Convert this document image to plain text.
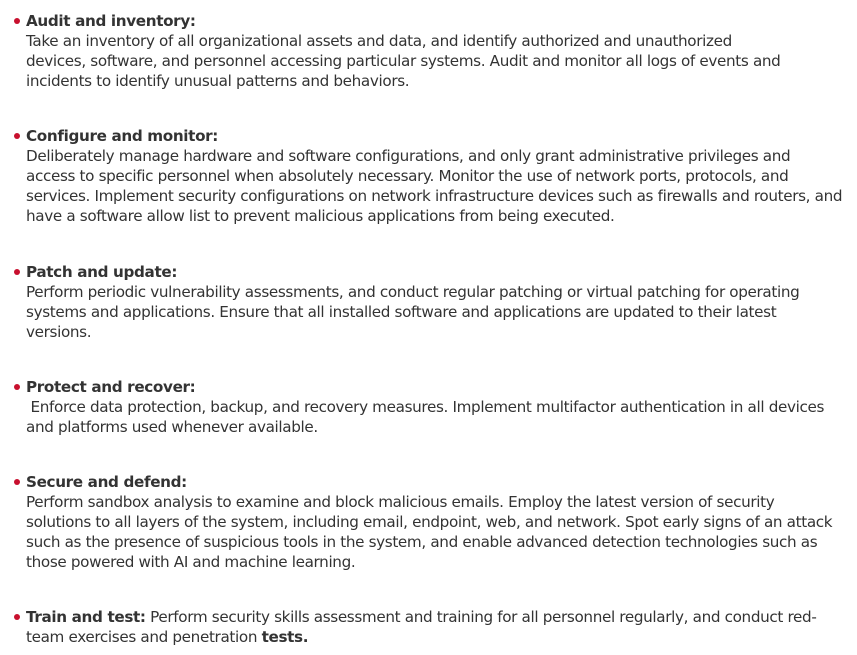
Audit and inventory:
Take an inventory of all organizational assets and data, and identify authorized and unauthorized
devices, software, and personnel accessing particular systems. Audit and monitor all logs of events and
incidents to identify unusual patterns and behaviors.
Configure and monitor:
Deliberately manage hardware and software configurations, and only grant administrative privileges and
access to specific personnel when absolutely necessary. Monitor the use of network ports, protocols, and
services. Implement security configurations on network infrastructure devices such as firewalls and routers, and
have a software allow list to prevent malicious applications from being executed.
Patch and update:
Perform periodic vulnerability assessments, and conduct regular patching or virtual patching for operating
systems and applications. Ensure that all installed software and applications are updated to their latest
versions.
Protect and recover:
Enforce data protection, backup, and recovery measures. Implement multifactor authentication in all devices
and platforms used whenever available.
Secure and defend:
Perform sandbox analysis to examine and block malicious emails. Employ the latest version of security
solutions to all layers of the system, including email, endpoint, web, and network. Spot early signs of an attack
such as the presence of suspicious tools in the system, and enable advanced detection technologies such as
those powered with AI and machine learning.
Train and test: Perform security skills assessment and training for all personnel regularly, and conduct red-
team exercises and penetration tests.
